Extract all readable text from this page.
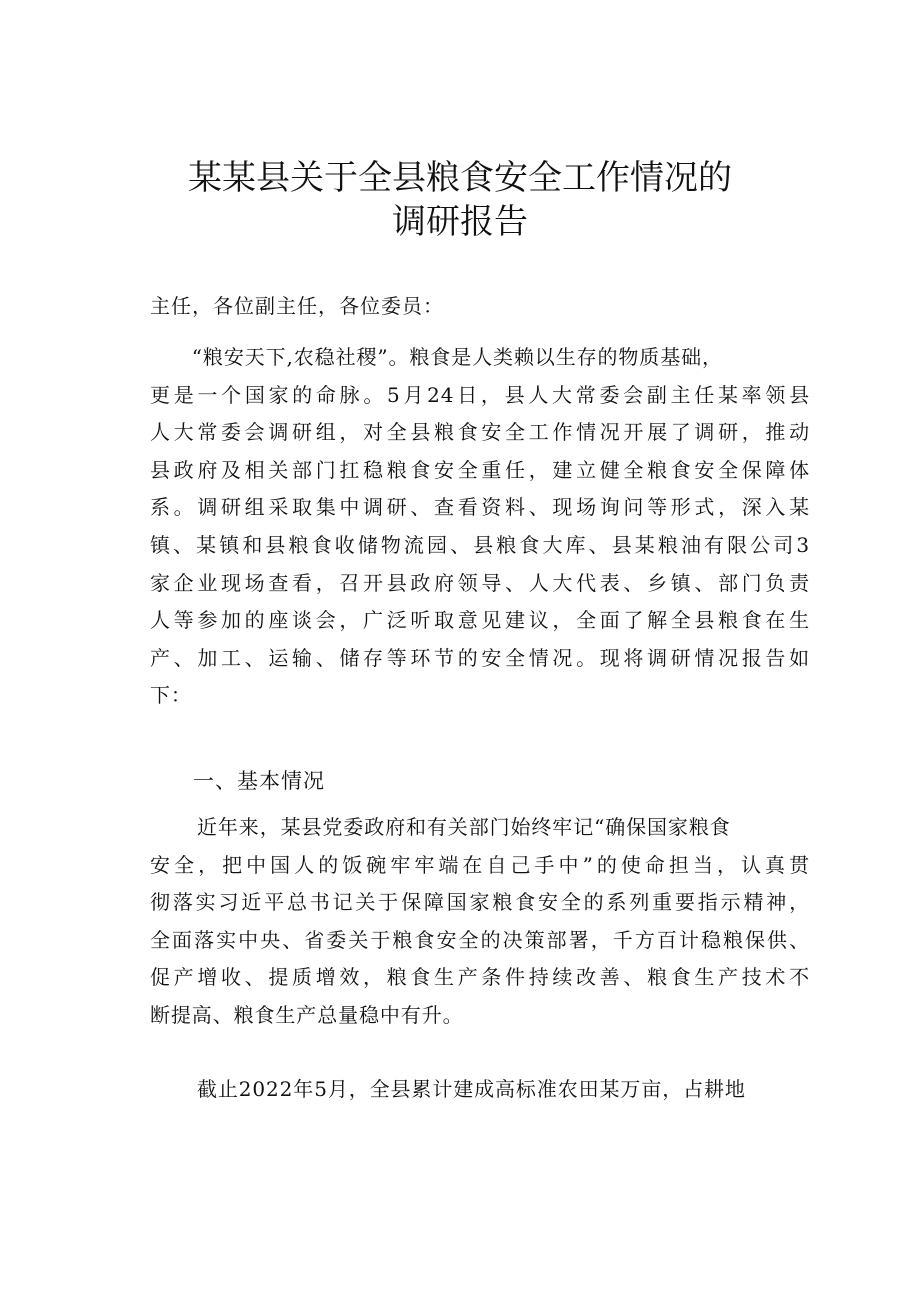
某某县关于全县粮食安全工作情况的
调研报告
主任，各位副主任，各位委员：
　　“粮安天下,农稳社稷”。粮食是人类赖以生存的物质基础，
更是一个国家的命脉。5月24日，县人大常委会副主任某率领县
人大常委会调研组，对全县粮食安全工作情况开展了调研，推动
县政府及相关部门扛稳粮食安全重任，建立健全粮食安全保障体
系。调研组采取集中调研、查看资料、现场询问等形式，深入某
镇、某镇和县粮食收储物流园、县粮食大库、县某粮油有限公司3
家企业现场查看，召开县政府领导、人大代表、乡镇、部门负责
人等参加的座谈会，广泛听取意见建议，全面了解全县粮食在生
产、加工、运输、储存等环节的安全情况。现将调研情况报告如
下：
一、基本情况
近年来，某县党委政府和有关部门始终牢记“确保国家粮食
安全，把中国人的饭碗牢牢端在自己手中”的使命担当，认真贯
彻落实习近平总书记关于保障国家粮食安全的系列重要指示精神，
全面落实中央、省委关于粮食安全的决策部署，千方百计稳粮保供、
促产增收、提质增效，粮食生产条件持续改善、粮食生产技术不
断提高、粮食生产总量稳中有升。
截止2022年5月，全县累计建成高标准农田某万亩，占耕地
